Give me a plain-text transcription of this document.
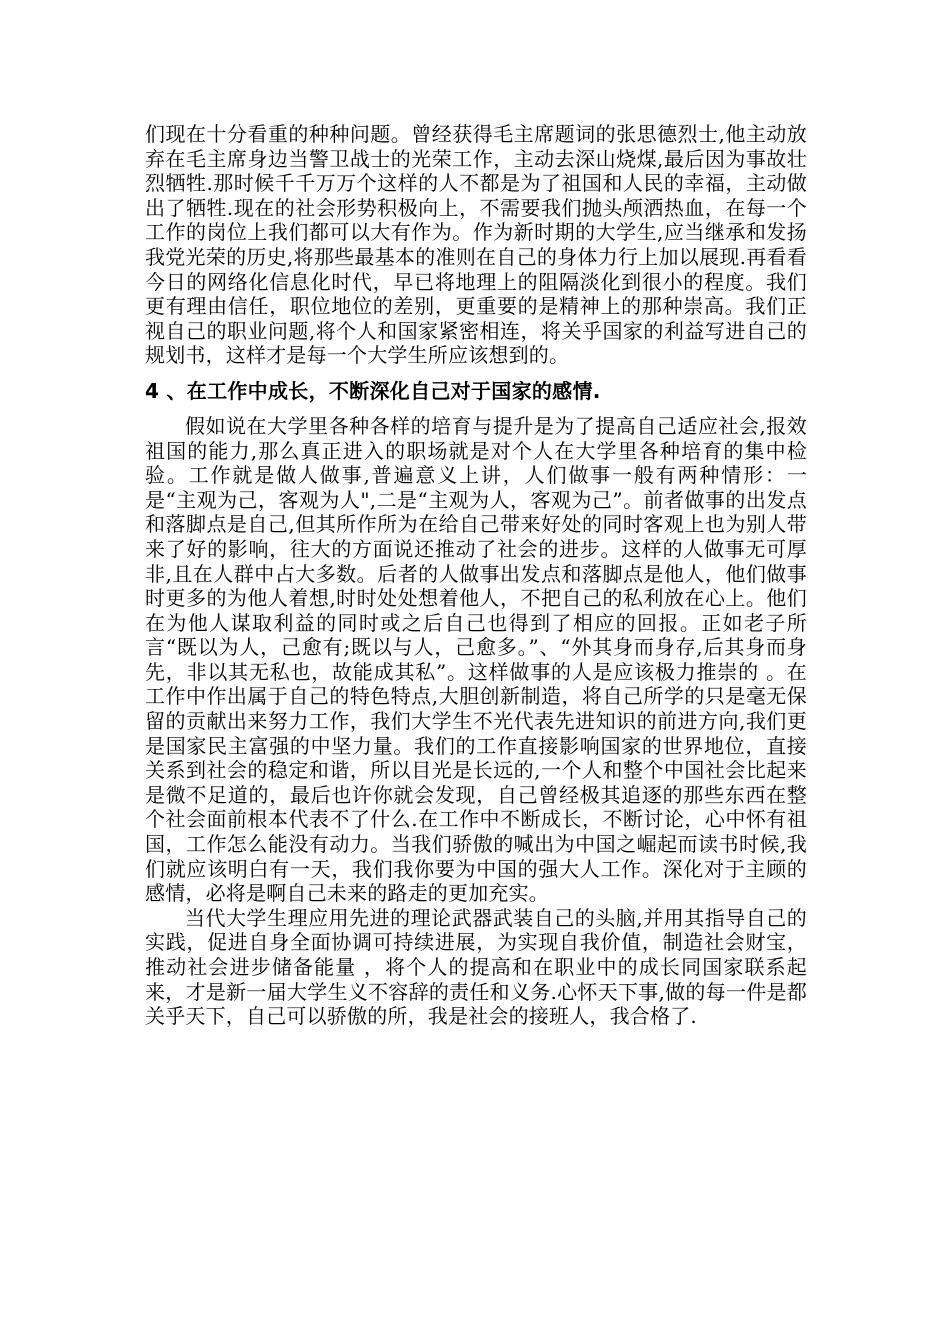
们现在十分看重的种种问题。曾经获得毛主席题词的张思德烈士,他主动放弃在毛主席身边当警卫战士的光荣工作，主动去深山烧煤,最后因为事故壮烈牺牲.那时候千千万万个这样的人不都是为了祖国和人民的幸福，主动做出了牺牲.现在的社会形势积极向上，不需要我们抛头颅洒热血，在每一个工作的岗位上我们都可以大有作为。作为新时期的大学生,应当继承和发扬我党光荣的历史,将那些最基本的准则在自己的身体力行上加以展现.再看看今日的网络化信息化时代，早已将地理上的阻隔淡化到很小的程度。我们更有理由信任，职位地位的差别，更重要的是精神上的那种崇高。我们正视自己的职业问题,将个人和国家紧密相连，将关乎国家的利益写进自己的规划书，这样才是每一个大学生所应该想到的。

4 、在工作中成长，不断深化自己对于国家的感情.

假如说在大学里各种各样的培育与提升是为了提高自己适应社会,报效祖国的能力,那么真正进入的职场就是对个人在大学里各种培育的集中检验。工作就是做人做事,普遍意义上讲，人们做事一般有两种情形：一是“主观为己，客观为人",二是“主观为人，客观为己”。前者做事的出发点和落脚点是自己,但其所作所为在给自己带来好处的同时客观上也为别人带来了好的影响，往大的方面说还推动了社会的进步。这样的人做事无可厚非,且在人群中占大多数。后者的人做事出发点和落脚点是他人，他们做事时更多的为他人着想,时时处处想着他人，不把自己的私利放在心上。他们在为他人谋取利益的同时或之后自己也得到了相应的回报。正如老子所言“既以为人，己愈有;既以与人，己愈多。”、“外其身而身存,后其身而身先，非以其无私也，故能成其私”。这样做事的人是应该极力推崇的 。在工作中作出属于自己的特色特点,大胆创新制造，将自己所学的只是毫无保留的贡献出来努力工作，我们大学生不光代表先进知识的前进方向,我们更是国家民主富强的中坚力量。我们的工作直接影响国家的世界地位，直接关系到社会的稳定和谐，所以目光是长远的,一个人和整个中国社会比起来是微不足道的，最后也许你就会发现，自己曾经极其追逐的那些东西在整个社会面前根本代表不了什么.在工作中不断成长，不断讨论，心中怀有祖国，工作怎么能没有动力。当我们骄傲的喊出为中国之崛起而读书时候,我们就应该明白有一天，我们我你要为中国的强大人工作。深化对于主顾的感情，必将是啊自己未来的路走的更加充实。

当代大学生理应用先进的理论武器武装自己的头脑,并用其指导自己的实践，促进自身全面协调可持续进展，为实现自我价值，制造社会财宝，推动社会进步储备能量 ，将个人的提高和在职业中的成长同国家联系起来，才是新一届大学生义不容辞的责任和义务.心怀天下事,做的每一件是都关乎天下，自己可以骄傲的所，我是社会的接班人，我合格了.
